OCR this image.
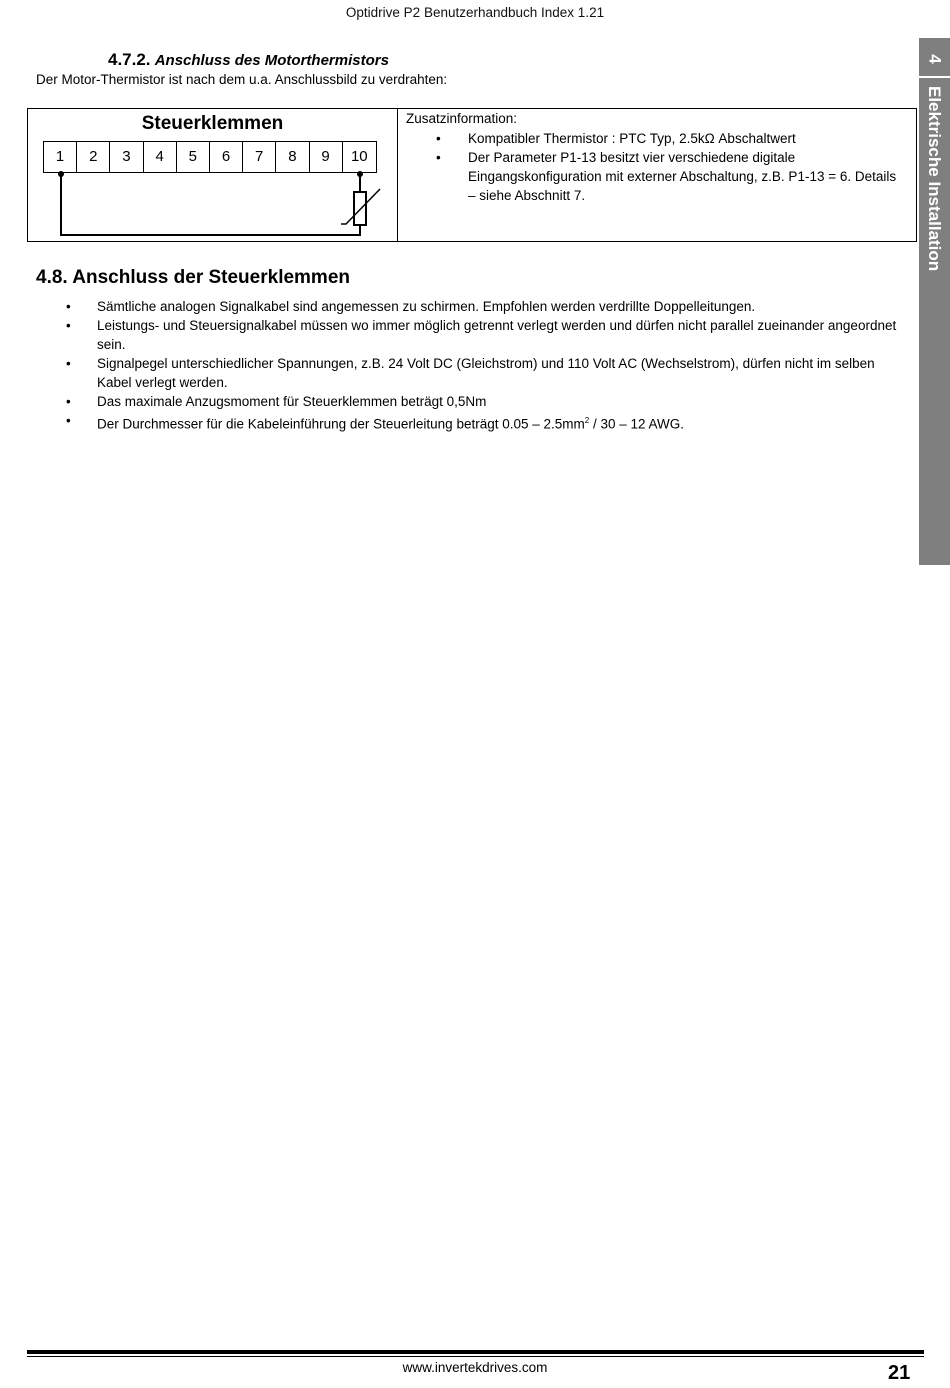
Optidrive P2 Benutzerhandbuch Index 1.21
4.7.2. Anschluss des Motorthermistors
Der Motor-Thermistor ist nach dem u.a. Anschlussbild zu verdrahten:
Steuerklemmen
1	2	3	4	5	6	7	8	9	10
Zusatzinformation:
• Kompatibler Thermistor : PTC Typ, 2.5kΩ Abschaltwert
• Der Parameter P1-13 besitzt vier verschiedene digitale Eingangskonfiguration mit externer Abschaltung, z.B. P1-13 = 6. Details – siehe Abschnitt 7.
4.8. Anschluss der Steuerklemmen
• Sämtliche analogen Signalkabel sind angemessen zu schirmen. Empfohlen werden verdrillte Doppelleitungen.
• Leistungs- und Steuersignalkabel müssen wo immer möglich getrennt verlegt werden und dürfen nicht parallel zueinander angeordnet sein.
• Signalpegel unterschiedlicher Spannungen, z.B. 24 Volt DC (Gleichstrom) und 110 Volt AC (Wechselstrom), dürfen nicht im selben Kabel verlegt werden.
• Das maximale Anzugsmoment für Steuerklemmen beträgt 0,5Nm
• Der Durchmesser für die Kabeleinführung der Steuerleitung beträgt $0.05 - 2.5mm^2 / 30 - 12$ AWG.
4
Elektrische Installation
www.invertekdrives.com	21
